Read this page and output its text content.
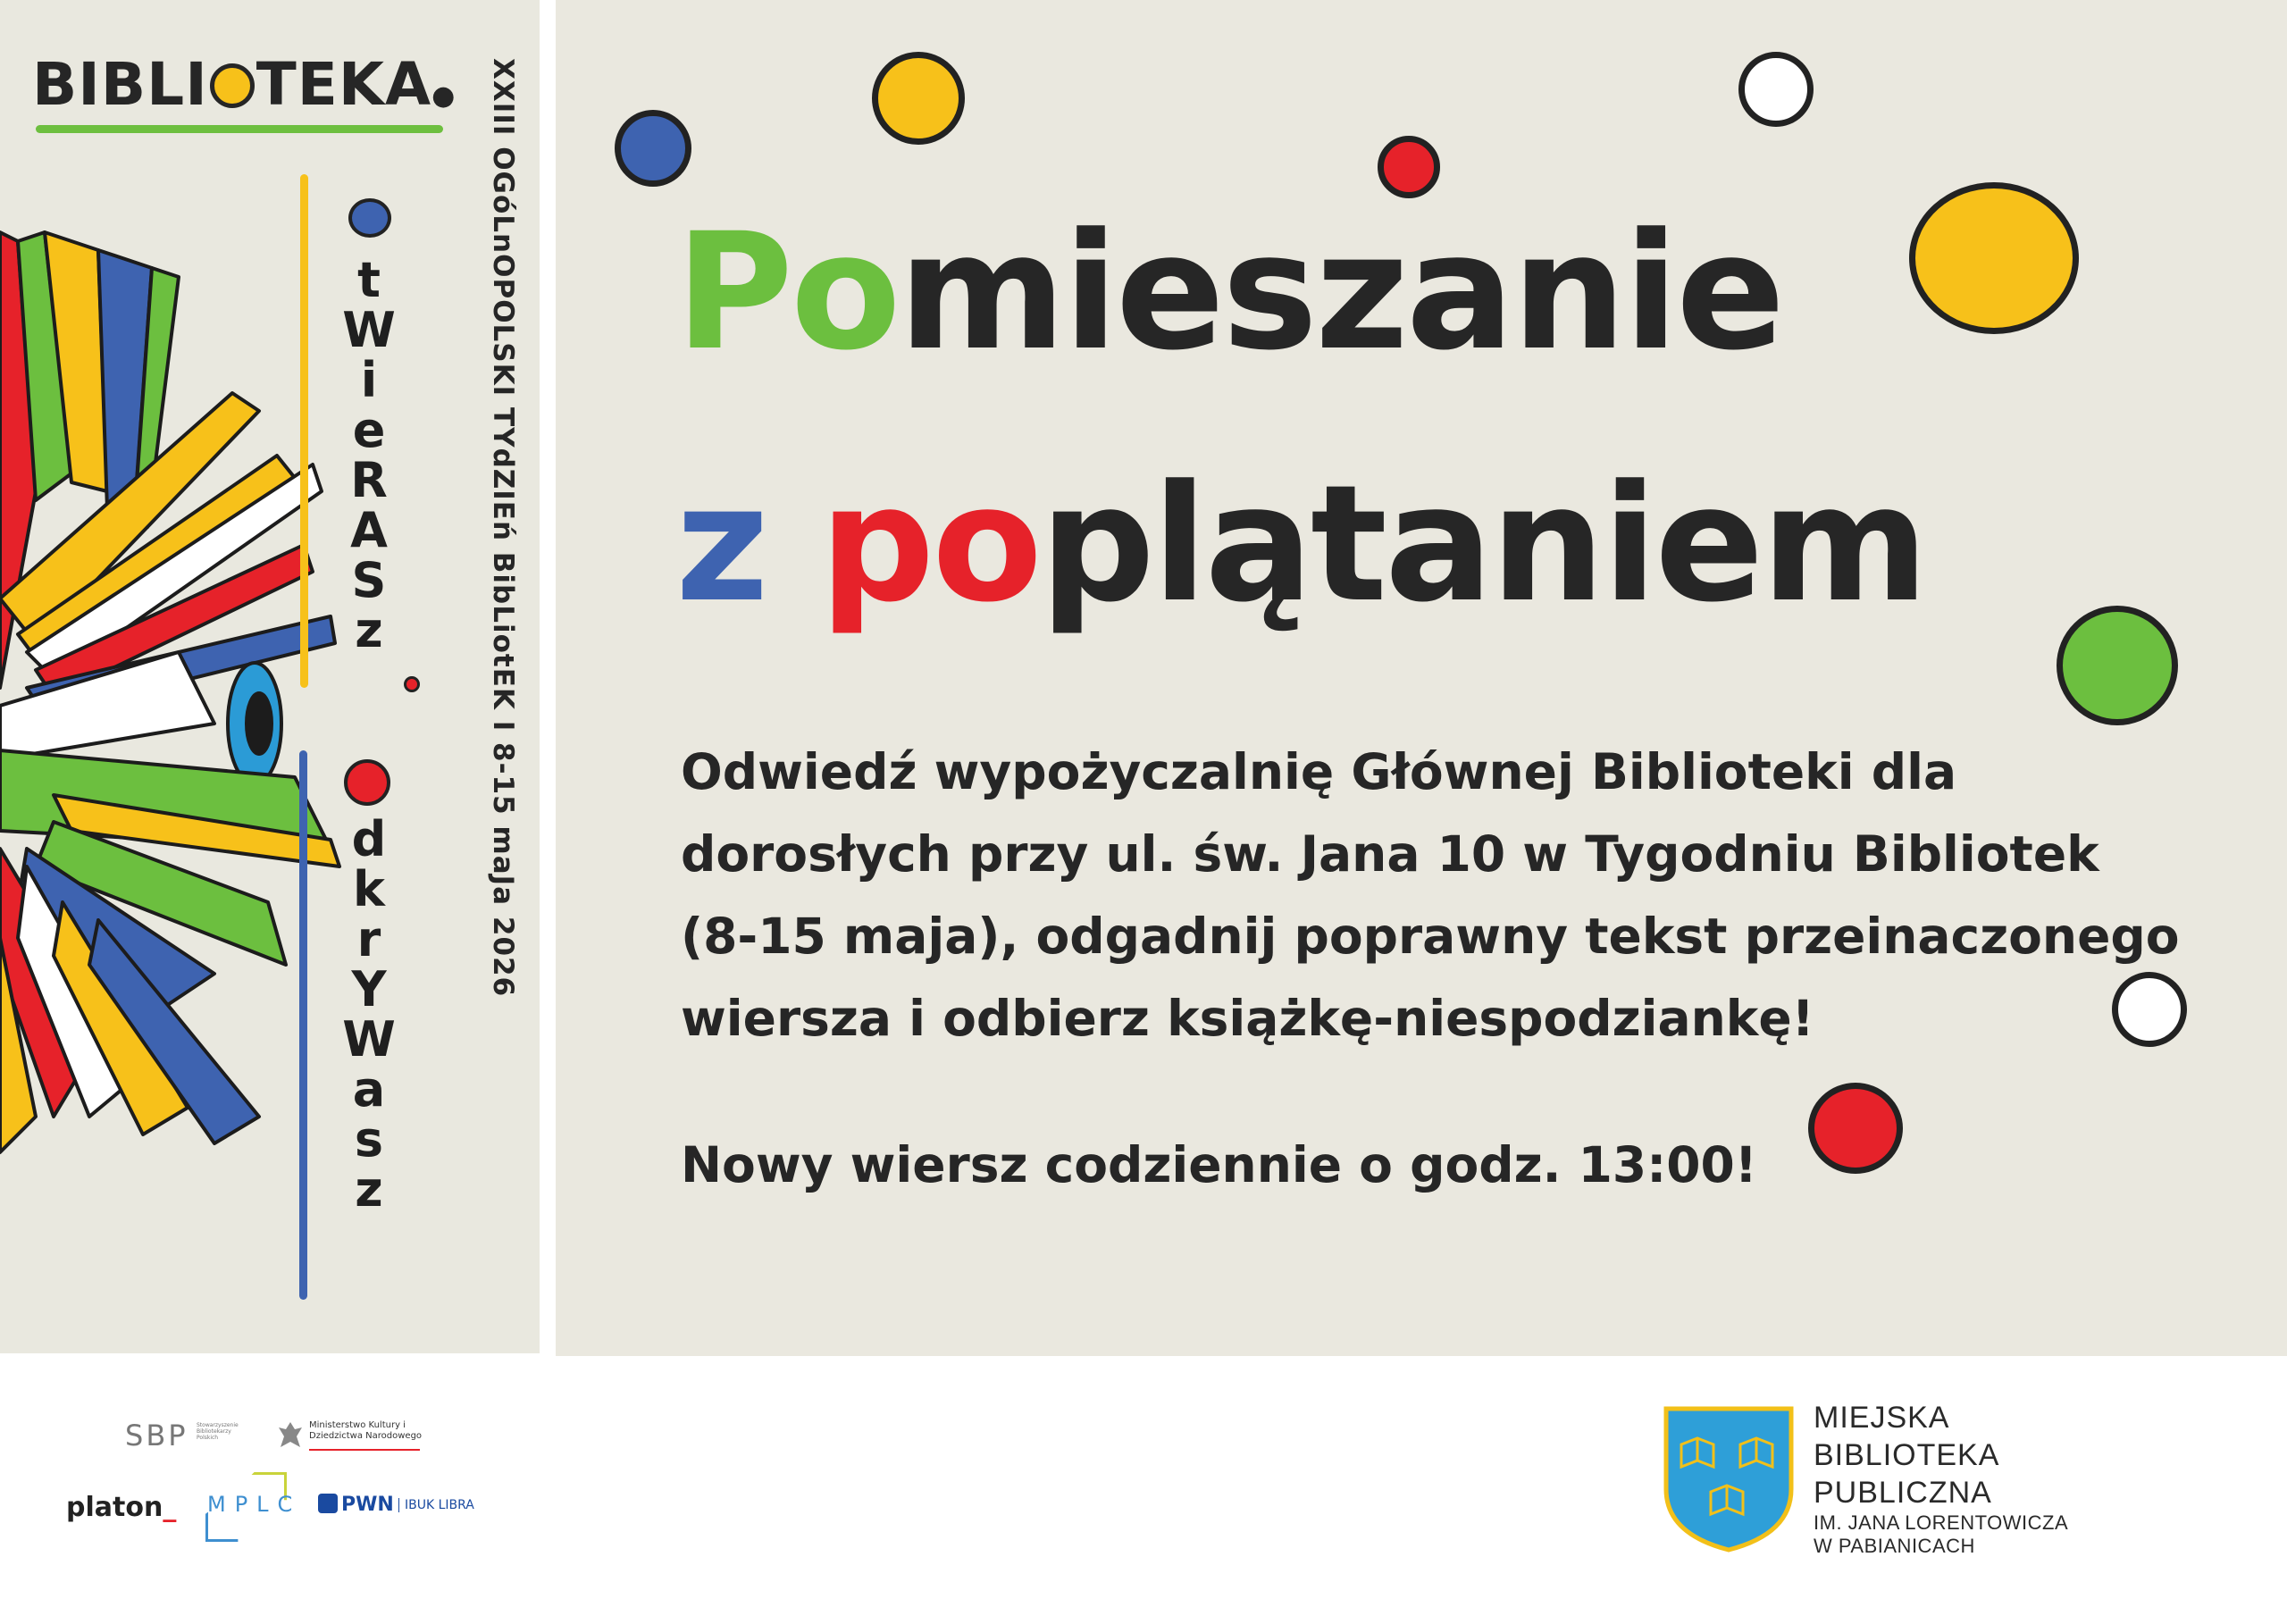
BIBLI TEKA●
t
W
i
e
R
A
S
z
d
k
r
Y
W
a
s
z
XXIII OGóLnOPOLSKI TYdZIEń BibLiotEK I 8-15 maJa 2026
SBP Stowarzyszenie Bibliotekarzy Polskich
Ministerstwo Kultury i Dziedzictwa Narodowego
platon_ MPLC PWN IBUK LIBRA
Pomieszanie
z poplątaniem
Odwiedź wypożyczalnię Głównej Biblioteki dla
dorosłych przy ul. św. Jana 10 w Tygodniu Bibliotek
(8-15 maja), odgadnij poprawny tekst przeinaczonego
wiersza i odbierz książkę-niespodziankę!
Nowy wiersz codziennie o godz. 13:00!
MIEJSKA
BIBLIOTEKA
PUBLICZNA
IM. JANA LORENTOWICZA
W PABIANICACH
